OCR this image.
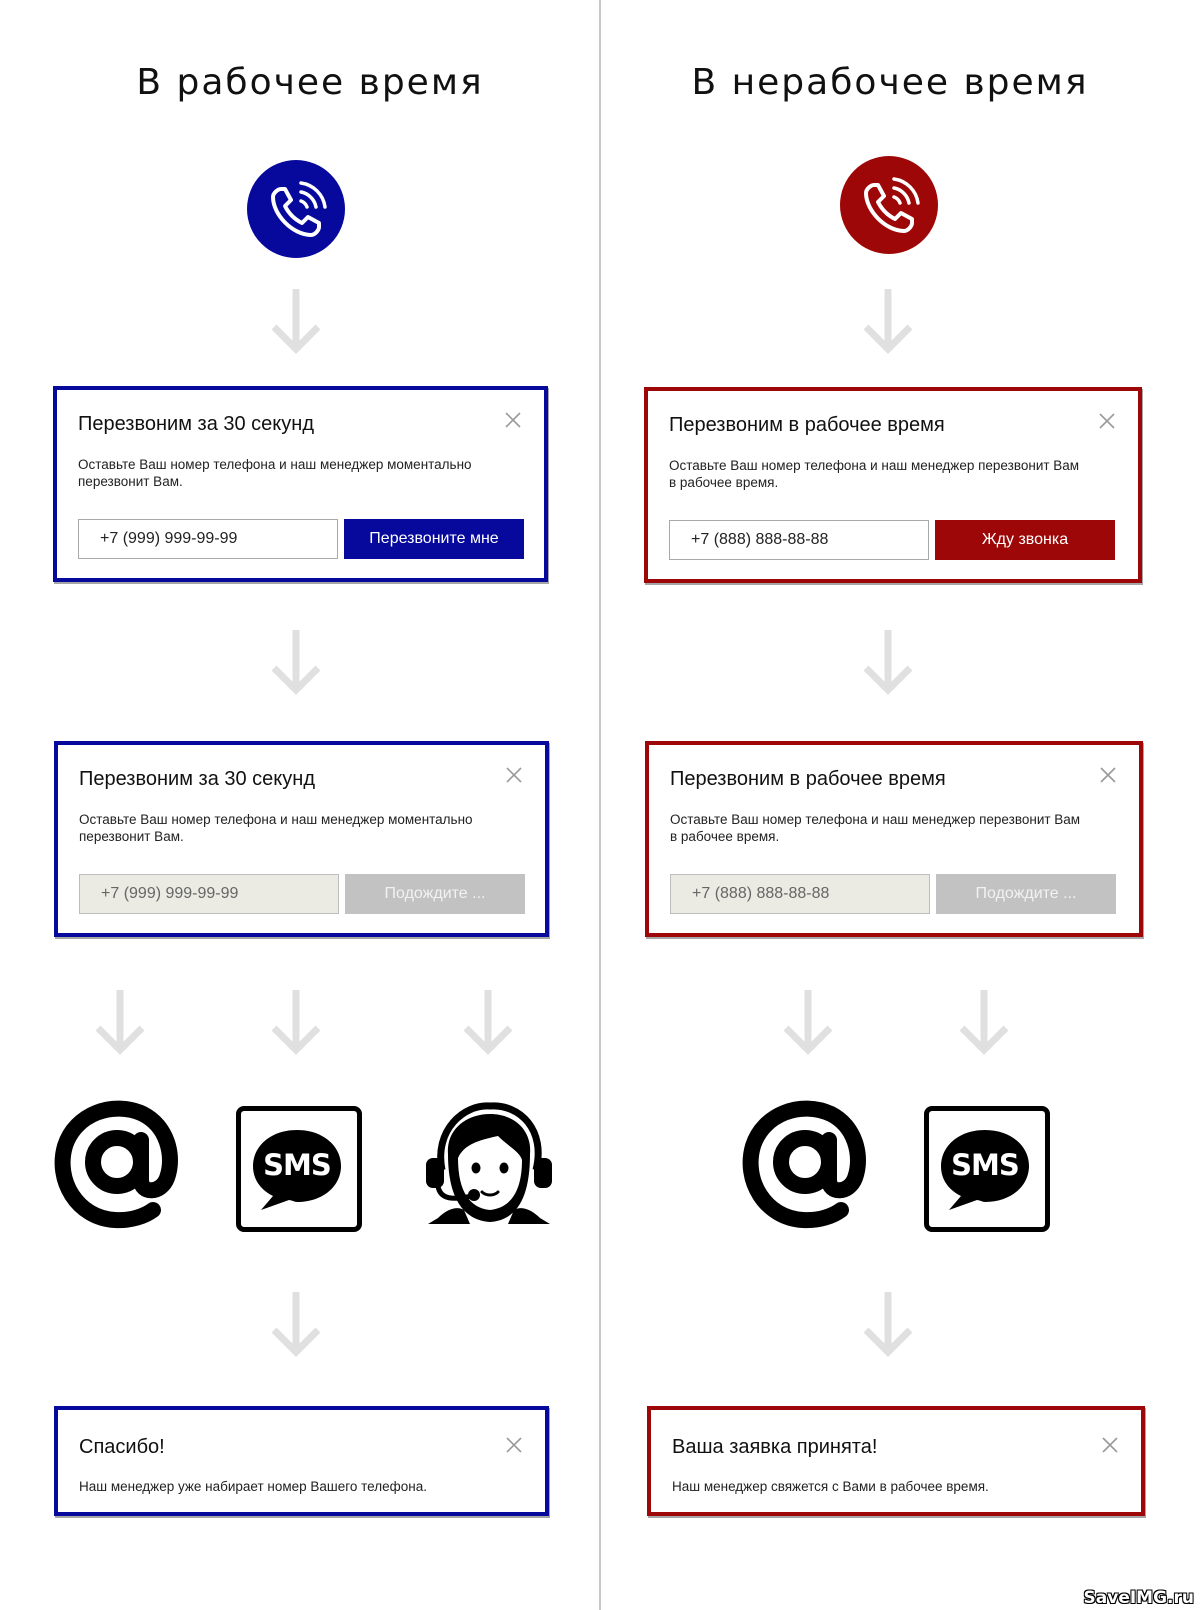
SaveIMG.ru
В рабочее время
Перезвоним за 30 секунд
Оставьте Ваш номер телефона и наш менеджер моментально перезвонит Вам.
+7 (999) 999-99-99	Перезвоните мне
Перезвоним за 30 секунд
Оставьте Ваш номер телефона и наш менеджер моментально перезвонит Вам.
+7 (999) 999-99-99	Подождите ...
SMS
Спасибо!
Наш менеджер уже набирает номер Вашего телефона.
В нерабочее время
Перезвоним в рабочее время
Оставьте Ваш номер телефона и наш менеджер перезвонит Вам в рабочее время.
+7 (888) 888-88-88	Жду звонка
Перезвоним в рабочее время
Оставьте Ваш номер телефона и наш менеджер перезвонит Вам в рабочее время.
+7 (888) 888-88-88	Подождите ...
SMS
Ваша заявка принята!
Наш менеджер свяжется с Вами в рабочее время.
